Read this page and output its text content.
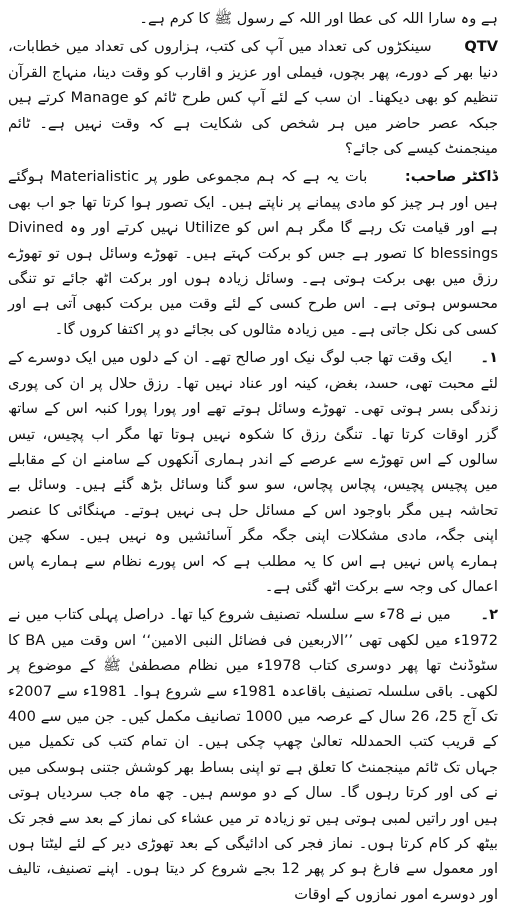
ہے وہ سارا اللہ کی عطا اور اللہ کے رسول ﷺ کا کرم ہے۔

QTV      سینکڑوں کی تعداد میں آپ کی کتب، ہزاروں کی تعداد میں خطابات، دنیا بھر کے دورے، پھر بچوں، فیملی اور عزیز و اقارب کو وقت دینا، منہاج القرآن تنظیم کو بھی دیکھنا۔ ان سب کے لئے آپ کس طرح ٹائم کو Manage کرتے ہیں جبکہ عصر حاضر میں ہر شخص کی شکایت ہے کہ وقت نہیں ہے۔ ٹائم مینجمنٹ کیسے کی جائے؟

ڈاکٹر صاحب:      بات یہ ہے کہ ہم مجموعی طور پر Materialistic ہوگئے ہیں اور ہر چیز کو مادی پیمانے پر ناپتے ہیں۔ ایک تصور ہوا کرتا تھا جو اب بھی ہے اور قیامت تک رہے گا مگر ہم اس کو Utilize نہیں کرتے اور وہ Divined blessings کا تصور ہے جس کو برکت کہتے ہیں۔ تھوڑے وسائل ہوں تو تھوڑے رزق میں بھی برکت ہوتی ہے۔ وسائل زیادہ ہوں اور برکت اٹھ جائے تو تنگی محسوس ہوتی ہے۔ اس طرح کسی کے لئے وقت میں برکت کبھی آتی ہے اور کسی کی نکل جاتی ہے۔ میں زیادہ مثالوں کی بجائے دو پر اکتفا کروں گا۔

۱۔      ایک وقت تھا جب لوگ نیک اور صالح تھے۔ ان کے دلوں میں ایک دوسرے کے لئے محبت تھی، حسد، بغض، کینہ اور عناد نہیں تھا۔ رزق حلال پر ان کی پوری زندگی بسر ہوتی تھی۔ تھوڑے وسائل ہوتے تھے اور پورا پورا کنبہ اس کے ساتھ گزر اوقات کرتا تھا۔ تنگئ رزق کا شکوہ نہیں ہوتا تھا مگر اب پچیس، تیس سالوں کے اس تھوڑے سے عرصے کے اندر ہماری آنکھوں کے سامنے ان کے مقابلے میں پچیس پچیس، پچاس پچاس، سو سو گنا وسائل بڑھ گئے ہیں۔ وسائل بے تحاشہ ہیں مگر باوجود اس کے مسائل حل ہی نہیں ہوتے۔ مہنگائی کا عنصر اپنی جگہ، مادی مشکلات اپنی جگہ مگر آسائشیں وہ نہیں ہیں۔ سکھ چین ہمارے پاس نہیں ہے اس کا یہ مطلب ہے کہ اس پورے نظام سے ہمارے پاس اعمال کی وجہ سے برکت اٹھ گئی ہے۔

۲۔      میں نے 78ء سے سلسلہ تصنیف شروع کیا تھا۔ دراصل پہلی کتاب میں نے 1972ء میں لکھی تھی ’’الاربعین فی فضائل النبی الامین‘‘ اس وقت میں BA کا سٹوڈنٹ تھا پھر دوسری کتاب 1978ء میں نظام مصطفیٰ ﷺ کے موضوع پر لکھی۔ باقی سلسلہ تصنیف باقاعدہ 1981ء سے شروع ہوا۔ 1981ء سے 2007ء تک آج 25، 26 سال کے عرصہ میں 1000 تصانیف مکمل کیں۔ جن میں سے 400 کے قریب کتب الحمدللہ تعالیٰ چھپ چکی ہیں۔ ان تمام کتب کی تکمیل میں جہاں تک ٹائم مینجمنٹ کا تعلق ہے تو اپنی بساط بھر کوشش جتنی ہوسکی میں نے کی اور کرتا رہوں گا۔ سال کے دو موسم ہیں۔ چھ ماہ جب سردیاں ہوتی ہیں اور راتیں لمبی ہوتی ہیں تو زیادہ تر میں عشاء کی نماز کے بعد سے فجر تک بیٹھ کر کام کرتا ہوں۔ نماز فجر کی ادائیگی کے بعد تھوڑی دیر کے لئے لیٹتا ہوں اور معمول سے فارغ ہو کر پھر 12 بجے شروع کر دیتا ہوں۔ اپنے تصنیف، تالیف اور دوسرے امور نمازوں کے اوقات
